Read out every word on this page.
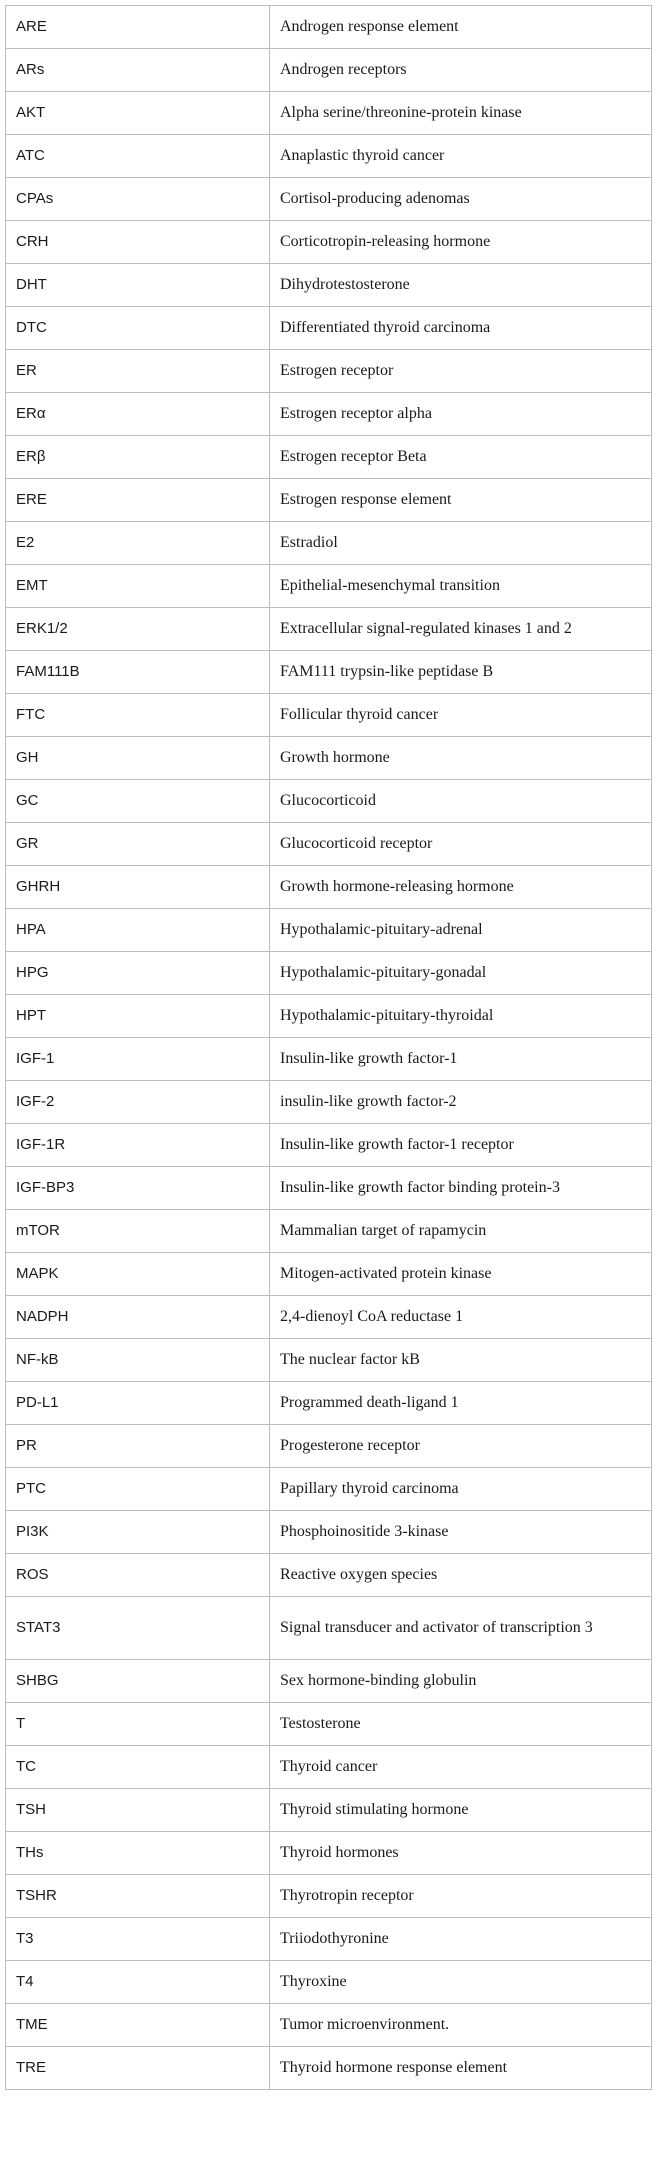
ARE	Androgen response element
ARs	Androgen receptors
AKT	Alpha serine/threonine-protein kinase
ATC	Anaplastic thyroid cancer
CPAs	Cortisol-producing adenomas
CRH	Corticotropin-releasing hormone
DHT	Dihydrotestosterone
DTC	Differentiated thyroid carcinoma
ER	Estrogen receptor
ERα	Estrogen receptor alpha
ERβ	Estrogen receptor Beta
ERE	Estrogen response element
E2	Estradiol
EMT	Epithelial-mesenchymal transition
ERK1/2	Extracellular signal-regulated kinases 1 and 2
FAM111B	FAM111 trypsin-like peptidase B
FTC	Follicular thyroid cancer
GH	Growth hormone
GC	Glucocorticoid
GR	Glucocorticoid receptor
GHRH	Growth hormone-releasing hormone
HPA	Hypothalamic-pituitary-adrenal
HPG	Hypothalamic-pituitary-gonadal
HPT	Hypothalamic-pituitary-thyroidal
IGF-1	Insulin-like growth factor-1
IGF-2	insulin-like growth factor-2
IGF-1R	Insulin-like growth factor-1 receptor
IGF-BP3	Insulin-like growth factor binding protein-3
mTOR	Mammalian target of rapamycin
MAPK	Mitogen-activated protein kinase
NADPH	2,4-dienoyl CoA reductase 1
NF-kB	The nuclear factor kB
PD-L1	Programmed death-ligand 1
PR	Progesterone receptor
PTC	Papillary thyroid carcinoma
PI3K	Phosphoinositide 3-kinase
ROS	Reactive oxygen species
STAT3	Signal transducer and activator of transcription 3
SHBG	Sex hormone-binding globulin
T	Testosterone
TC	Thyroid cancer
TSH	Thyroid stimulating hormone
THs	Thyroid hormones
TSHR	Thyrotropin receptor
T3	Triiodothyronine
T4	Thyroxine
TME	Tumor microenvironment.
TRE	Thyroid hormone response element
